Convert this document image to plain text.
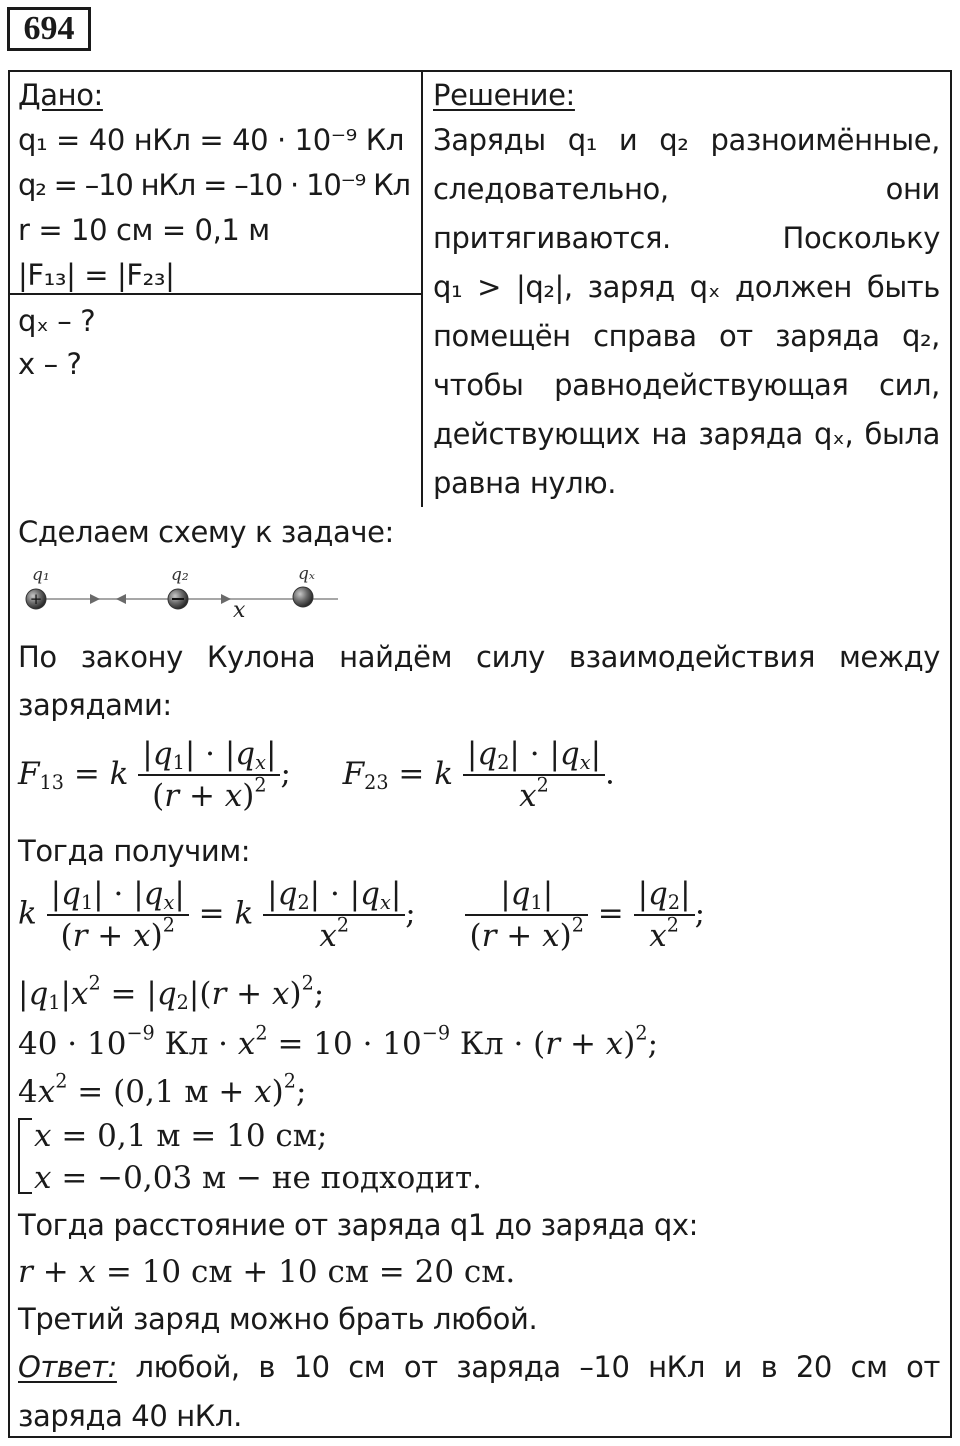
694
Дано:
q₁ = 40 нКл = 40 · 10⁻⁹ Кл
q₂ = –10 нКл = –10 · 10⁻⁹ Кл
r = 10 см = 0,1 м
|F₁₃| = |F₂₃|
qₓ – ?
x – ?
Решение:
Заряды q₁ и q₂ разноимённые,
следовательно, они
притягиваются. Поскольку
q₁ > |q₂|, заряд qₓ должен быть
помещён справа от заряда q₂,
чтобы равнодействующая сил,
действующих на заряда qₓ, была
равна нулю.
Сделаем схему к задаче:
+
q₁	q₂	qₓ
x
По закону Кулона найдём силу взаимодействия между
зарядами:
$F_{13} = k \frac{|q_1| \cdot |q_x|}{(r + x)^2}$ ; $F_{23} = k \frac{|q_2| \cdot |q_x|}{x^2}$ .
Тогда получим:
k $\frac{|q_1| \cdot |q_x|}{(r + x)^2} = k \frac{|q_2| \cdot |q_x|}{x^2}$ ; $\frac{|q_1|}{(r + x)^2} = \frac{|q_2|}{x^2}$ ;
$|q_1|x^2 = |q_2|(r + x)^2$;
$40 \cdot 10^{-9}$ Кл · $x^2 = 10 \cdot 10^{-9}$ Кл · $(r + x)^2$;
$4x^2 = (0,1$ м + x)$^2$;
x = 0,1 м = 10 см;
x = −0,03 м − не подходит.
Тогда расстояние от заряда q1 до заряда qx:
r + x = 10 см + 10 см = 20 см.
Третий заряд можно брать любой.
Ответ: любой, в 10 см от заряда –10 нКл и в 20 см от
заряда 40 нКл.
